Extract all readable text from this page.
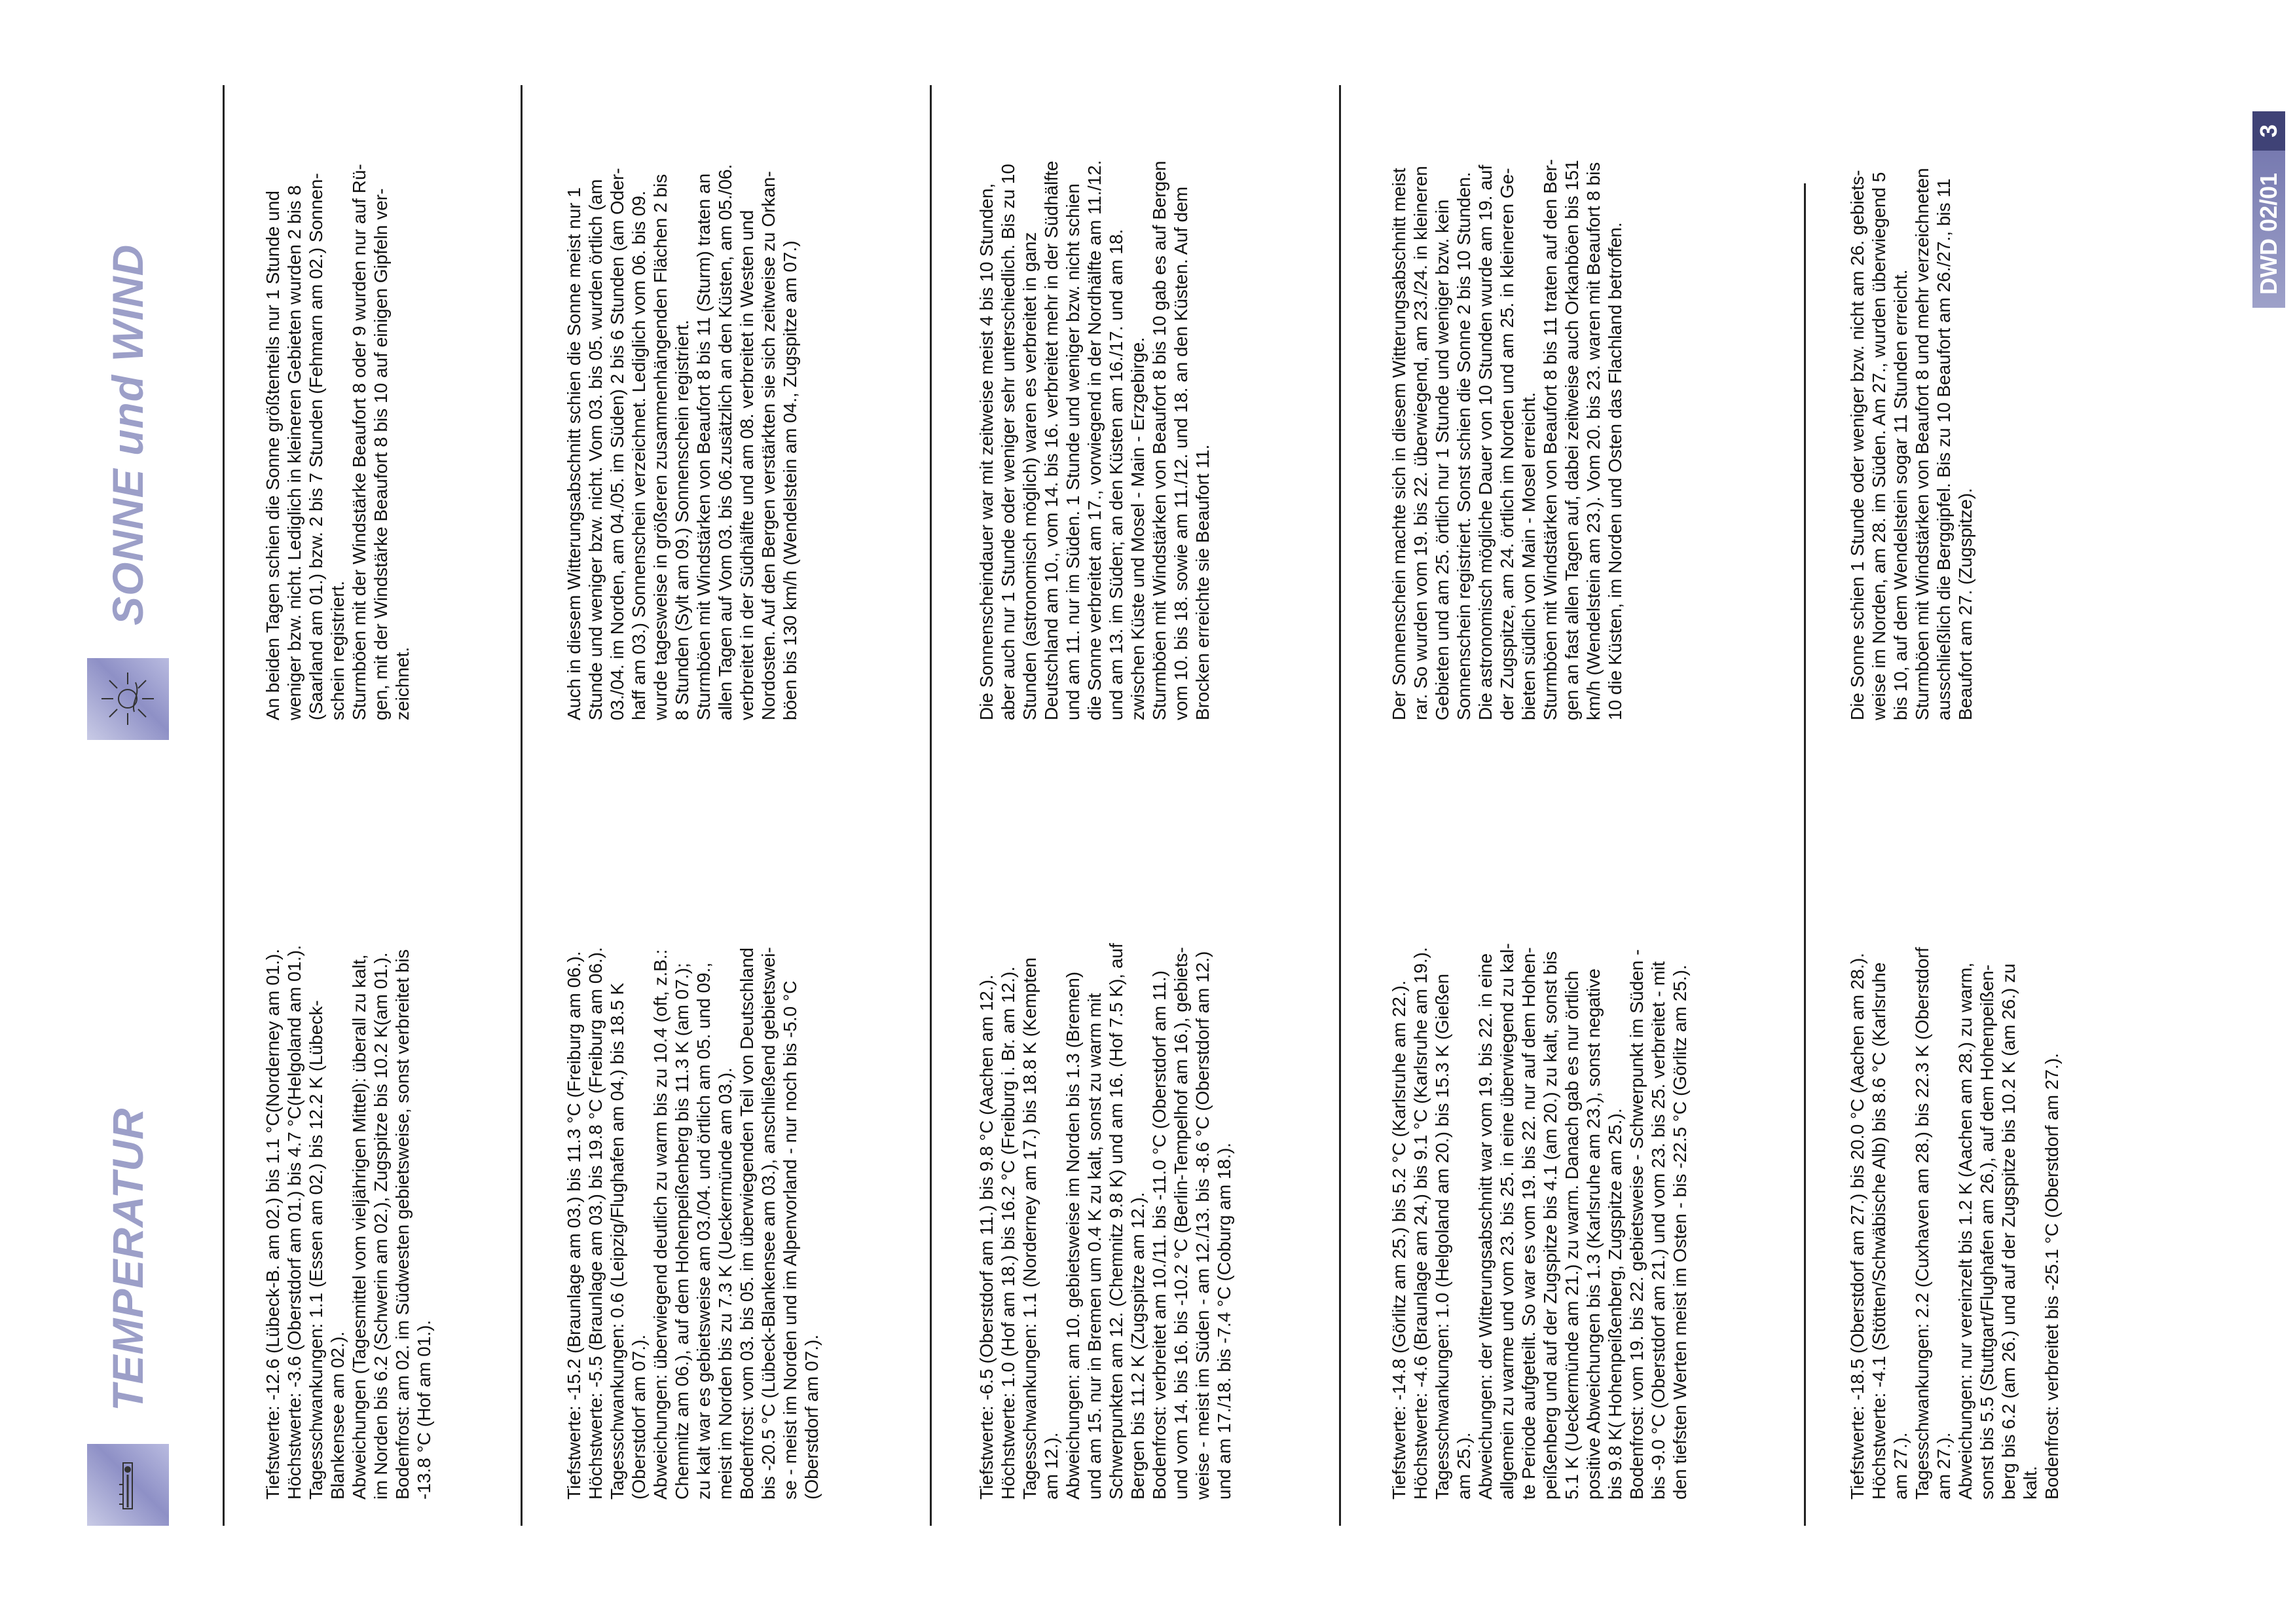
TEMPERATUR
SONNE und WIND

Tiefstwerte: -12.6 (Lübeck-B. am 02.) bis 1.1 °C(Norderney am 01.).
Höchstwerte: -3.6 (Oberstdorf am 01.) bis 4.7 °C(Helgoland am 01.).
Tagesschwankungen: 1.1 (Essen am 02.) bis 12.2 K (Lübeck-
Blankensee am 02.).
Abweichungen (Tagesmittel vom vieljährigen Mittel): überall zu kalt,
im Norden bis 6.2 (Schwerin am 02.), Zugspitze bis 10.2 K(am 01.).
Bodenfrost: am 02. im Südwesten gebietsweise, sonst verbreitet bis
-13.8 °C (Hof am 01.).

An beiden Tagen schien die Sonne größtenteils nur 1 Stunde und
weniger bzw. nicht. Lediglich in kleineren Gebieten wurden 2 bis 8
(Saarland am 01.) bzw. 2 bis 7 Stunden (Fehmarn am 02.) Sonnen-
schein registriert.
Sturmböen mit der Windstärke Beaufort 8 oder 9 wurden nur auf Rü-
gen, mit der Windstärke Beaufort 8 bis 10 auf einigen Gipfeln ver-
zeichnet.

Tiefstwerte: -15.2 (Braunlage am 03.) bis 11.3 °C (Freiburg am 06.).
Höchstwerte: -5.5 (Braunlage am 03.) bis 19.8 °C (Freiburg am 06.).
Tagesschwankungen: 0.6 (Leipzig/Flughafen am 04.) bis 18.5 K
(Oberstdorf am 07.).
Abweichungen: überwiegend deutlich zu warm bis zu 10.4 (oft, z.B.:
Chemnitz am 06.), auf dem Hohenpeißenberg bis 11.3 K (am 07.);
zu kalt war es gebietsweise am 03./04. und örtlich am 05. und 09.,
meist im Norden bis zu 7.3 K (Ueckermünde am 03.).
Bodenfrost: vom 03. bis 05. im überwiegenden Teil von Deutschland
bis -20.5 °C (Lübeck-Blankensee am 03.), anschließend gebietswei-
se - meist im Norden und im Alpenvorland - nur noch bis -5.0 °C
(Oberstdorf am 07.).

Auch in diesem Witterungsabschnitt schien die Sonne meist nur 1
Stunde und weniger bzw. nicht. Vom 03. bis 05. wurden örtlich (am
03./04. im Norden, am 04./05. im Süden) 2 bis 6 Stunden (am Oder-
haff am 03.) Sonnenschein verzeichnet. Lediglich vom 06. bis 09.
wurde tagesweise in größeren zusammenhängenden Flächen 2 bis
8 Stunden (Sylt am 09.) Sonnenschein registriert.
Sturmböen mit Windstärken von Beaufort 8 bis 11 (Sturm) traten an
allen Tagen auf Vom 03. bis 06.zusätzlich an den Küsten, am 05./06.
verbreitet in der Südhälfte und am 08. verbreitet in Westen und
Nordosten. Auf den Bergen verstärkten sie sich zeitweise zu Orkan-
böen bis 130 km/h (Wendelstein am 04., Zugspitze am 07.)

Tiefstwerte: -6.5 (Oberstdorf am 11.) bis 9.8 °C (Aachen am 12.).
Höchstwerte: 1.0 (Hof am 18.) bis 16.2 °C (Freiburg i. Br. am 12.).
Tagesschwankungen: 1.1 (Norderney am 17.) bis 18.8 K (Kempten
am 12.).
Abweichungen: am 10. gebietsweise im Norden bis 1.3 (Bremen)
und am 15. nur in Bremen um 0.4 K zu kalt, sonst zu warm mit
Schwerpunkten am 12. (Chemnitz 9.8 K) und am 16. (Hof 7.5 K), auf
Bergen bis 11.2 K (Zugspitze am 12.).
Bodenfrost: verbreitet am 10./11. bis -11.0 °C (Oberstdorf am 11.)
und vom 14. bis 16. bis -10.2 °C (Berlin-Tempelhof am 16.), gebiets-
weise - meist im Süden - am 12./13. bis -8.6 °C (Oberstdorf am 12.)
und am 17./18. bis -7.4 °C (Coburg am 18.).

Die Sonnenscheindauer war mit zeitweise meist 4 bis 10 Stunden,
aber auch nur 1 Stunde oder weniger sehr unterschiedlich. Bis zu 10
Stunden (astronomisch möglich) waren es verbreitet in ganz
Deutschland am 10., vom 14. bis 16. verbreitet mehr in der Südhälfte
und am 11. nur im Süden. 1 Stunde und weniger bzw. nicht schien
die Sonne verbreitet am 17., vorwiegend in der Nordhälfte am 11./12.
und am 13. im Süden; an den Küsten am 16./17. und am 18.
zwischen Küste und Mosel - Main - Erzgebirge.
Sturmböen mit Windstärken von Beaufort 8 bis 10 gab es auf Bergen
vom 10. bis 18. sowie am 11./12. und 18. an den Küsten. Auf dem
Brocken erreichte sie Beaufort 11.

Tiefstwerte: -14.8 (Görlitz am 25.) bis 5.2 °C (Karlsruhe am 22.).
Höchstwerte: -4.6 (Braunlage am 24.) bis 9.1 °C (Karlsruhe am 19.).
Tagesschwankungen: 1.0 (Helgoland am 20.) bis 15.3 K (Gießen
am 25.).
Abweichungen: der Witterungsabschnitt war vom 19. bis 22. in eine
allgemein zu warme und vom 23. bis 25. in eine überwiegend zu kal-
te Periode aufgeteilt. So war es vom 19. bis 22. nur auf dem Hohen-
peißenberg und auf der Zugspitze bis 4.1 (am 20.) zu kalt, sonst bis
5.1 K (Ueckermünde am 21.) zu warm. Danach gab es nur örtlich
positive Abweichungen bis 1.3 (Karlsruhe am 23.), sonst negative
bis 9.8 K( Hohenpeißenberg, Zugspitze am 25.).
Bodenfrost: vom 19. bis 22. gebietsweise - Schwerpunkt im Süden -
bis -9.0 °C (Oberstdorf am 21.) und vom 23. bis 25. verbreitet - mit
den tiefsten Werten meist im Osten - bis -22.5 °C (Görlitz am 25.).

Der Sonnenschein machte sich in diesem Witterungsabschnitt meist
rar. So wurden vom 19. bis 22. überwiegend, am 23./24. in kleineren
Gebieten und am 25. örtlich nur 1 Stunde und weniger bzw. kein
Sonnenschein registriert. Sonst schien die Sonne 2 bis 10 Stunden.
Die astronomisch mögliche Dauer von 10 Stunden wurde am 19. auf
der Zugspitze, am 24. örtlich im Norden und am 25. in kleineren Ge-
bieten südlich von Main - Mosel erreicht.
Sturmböen mit Windstärken von Beaufort 8 bis 11 traten auf den Ber-
gen an fast allen Tagen auf, dabei zeitweise auch Orkanböen bis 151
km/h (Wendelstein am 23.). Vom 20. bis 23. waren mit Beaufort 8 bis
10 die Küsten, im Norden und Osten das Flachland betroffen.

Tiefstwerte: -18.5 (Oberstdorf am 27.) bis 20.0 °C (Aachen am 28.).
Höchstwerte: -4.1 (Stötten/Schwäbische Alb) bis 8.6 °C (Karlsruhe
am 27.).
Tagesschwankungen: 2.2 (Cuxhaven am 28.) bis 22.3 K (Oberstdorf
am 27.).
Abweichungen: nur vereinzelt bis 1.2 K (Aachen am 28.) zu warm,
sonst bis 5.5 (Stuttgart/Flughafen am 26.), auf dem Hohenpeißen-
berg bis 6.2 (am 26.) und auf der Zugspitze bis 10.2 K (am 26.) zu
kalt.
Bodenfrost: verbreitet bis -25.1 °C (Oberstdorf am 27.).

Die Sonne schien 1 Stunde oder weniger bzw. nicht am 26. gebiets-
weise im Norden, am 28. im Süden. Am 27., wurden überwiegend 5
bis 10, auf dem Wendelstein sogar 11 Stunden erreicht.
Sturmböen mit Windstärken von Beaufort 8 und mehr verzeichneten
ausschließlich die Berggipfel. Bis zu 10 Beaufort am 26./27., bis 11
Beaufort am 27. (Zugspitze).

DWD 02/01
3
